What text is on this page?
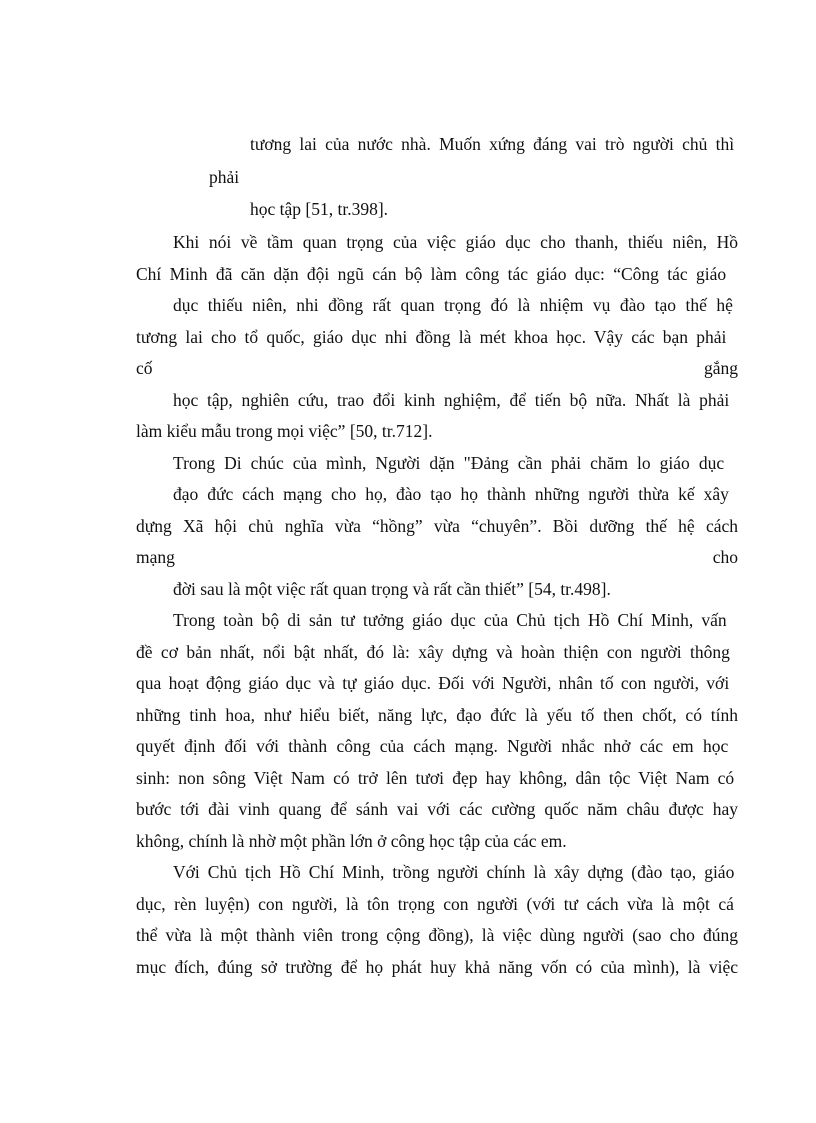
tương lai của nước nhà. Muốn xứng đáng vai trò người chủ thì
phải
học tập [51, tr.398].
Khi nói về tầm quan trọng của việc giáo dục cho thanh, thiếu niên, Hồ
Chí Minh đã căn dặn đội ngũ cán bộ làm công tác giáo dục: “Công tác giáo
dục thiếu niên, nhi đồng rất quan trọng đó là nhiệm vụ đào tạo thế hệ
tương lai cho tổ quốc, giáo dục nhi đồng là mét khoa học. Vậy các bạn phải
cố	gắng
học tập, nghiên cứu, trao đổi kinh nghiệm, để tiến bộ nữa. Nhất là phải
làm kiểu mẫu trong mọi việc” [50, tr.712].
Trong Di chúc của mình, Người dặn "Đảng cần phải chăm lo giáo dục
đạo đức cách mạng cho họ, đào tạo họ thành những người thừa kế xây
dựng Xã hội chủ nghĩa vừa “hồng” vừa “chuyên”. Bồi dưỡng thế hệ cách
mạng	cho
đời sau là một việc rất quan trọng và rất cần thiết” [54, tr.498].
Trong toàn bộ di sản tư tưởng giáo dục của Chủ tịch Hồ Chí Minh, vấn
đề cơ bản nhất, nổi bật nhất, đó là: xây dựng và hoàn thiện con người thông
qua hoạt động giáo dục và tự giáo dục. Đối với Người, nhân tố con người, với
những tinh hoa, như hiểu biết, năng lực, đạo đức là yếu tố then chốt, có tính
quyết định đối với thành công của cách mạng. Người nhắc nhở các em học
sinh: non sông Việt Nam có trở lên tươi đẹp hay không, dân tộc Việt Nam có
bước tới đài vinh quang để sánh vai với các cường quốc năm châu được hay
không, chính là nhờ một phần lớn ở công học tập của các em.
Với Chủ tịch Hồ Chí Minh, trồng người chính là xây dựng (đào tạo, giáo
dục, rèn luyện) con người, là tôn trọng con người (với tư cách vừa là một cá
thể vừa là một thành viên trong cộng đồng), là việc dùng người (sao cho đúng
mục đích, đúng sở trường để họ phát huy khả năng vốn có của mình), là việc
